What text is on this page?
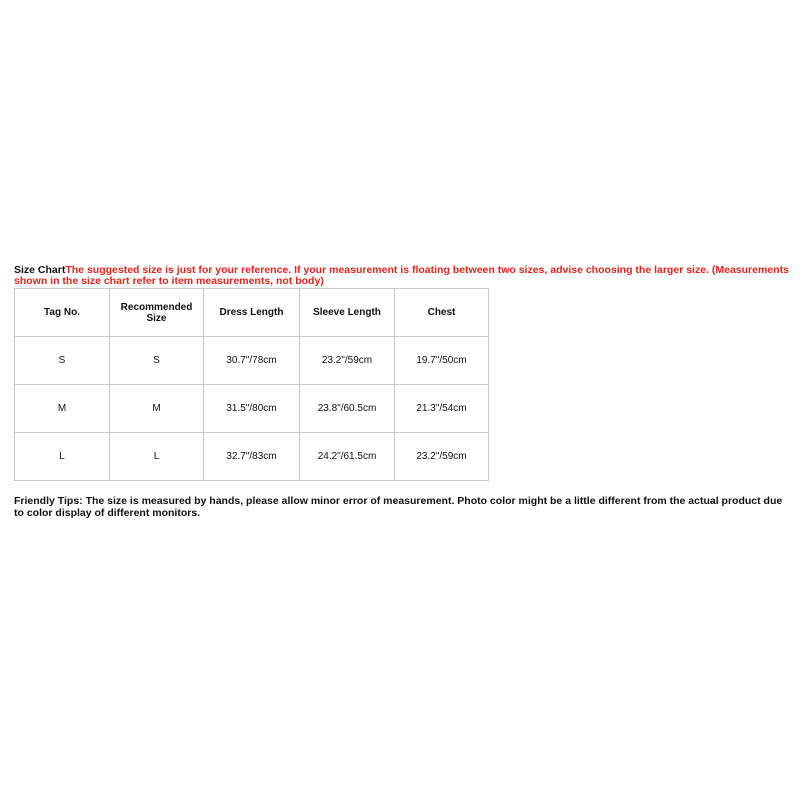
Size ChartThe suggested size is just for your reference. If your measurement is floating between two sizes, advise choosing the larger size. (Measurements shown in the size chart refer to item measurements, not body)
Tag No.	Recommended Size	Dress Length	Sleeve Length	Chest
S	S	30.7"/78cm	23.2"/59cm	19.7"/50cm
M	M	31.5"/80cm	23.8"/60.5cm	21.3"/54cm
L	L	32.7"/83cm	24.2"/61.5cm	23.2"/59cm
Friendly Tips: The size is measured by hands, please allow minor error of measurement. Photo color might be a little different from the actual product due to color display of different monitors.
